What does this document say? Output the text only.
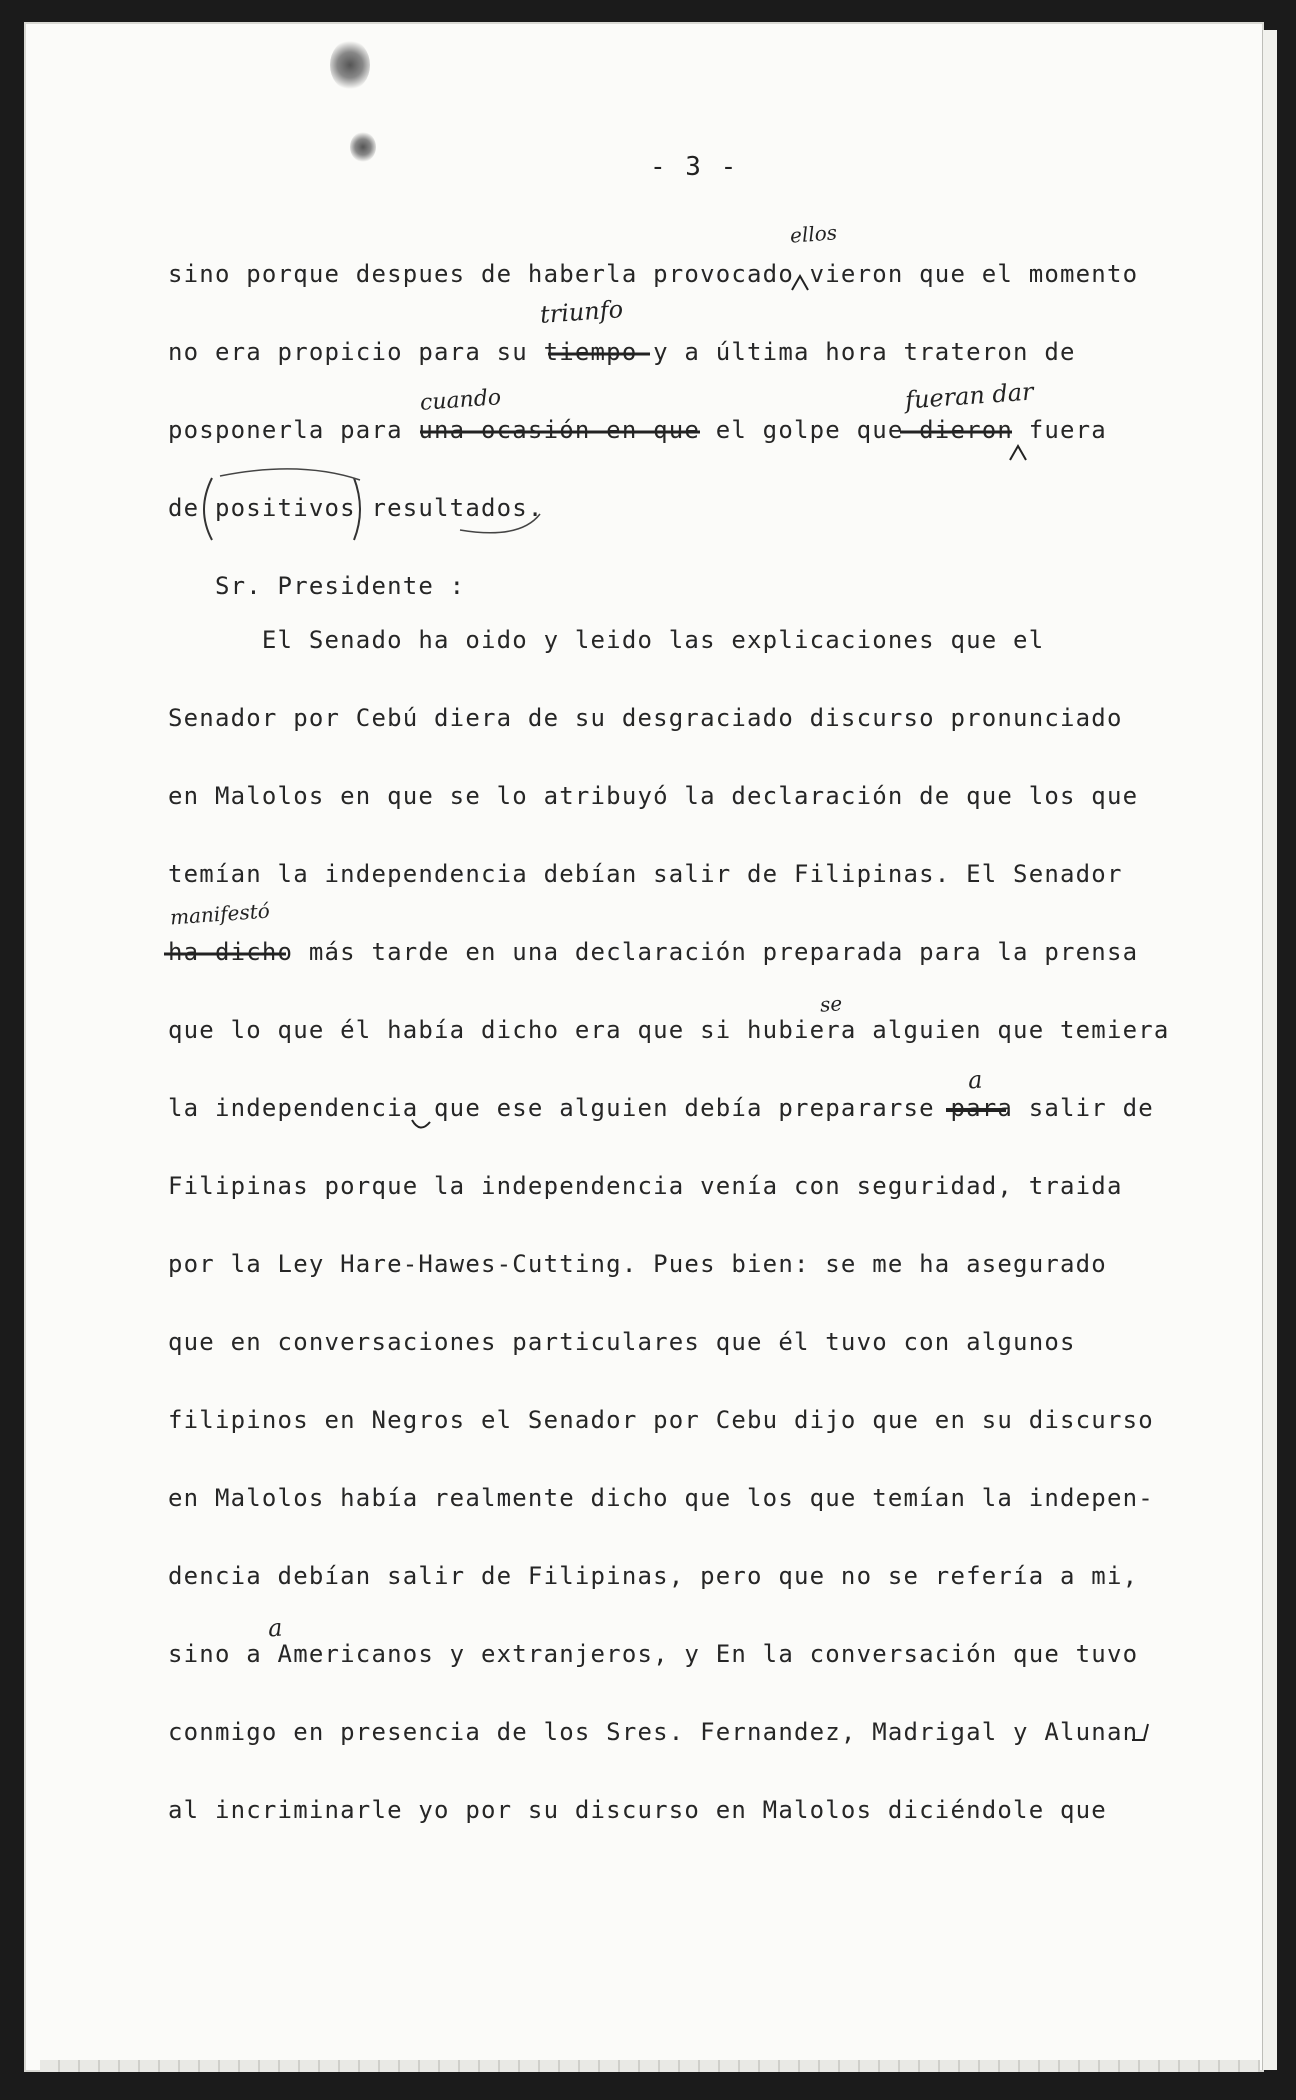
- 3 -
sino porque despues de haberla provocado vieron que el momento
no era propicio para su tiempo y a última hora trateron de
posponerla para una ocasión en que el golpe que dieron fuera
de positivos resultados.
Sr. Presidente :
El Senado ha oido y leido las explicaciones que el
Senador por Cebú diera de su desgraciado discurso pronunciado
en Malolos en que se lo atribuyó la declaración de que los que
temían la independencia debían salir de Filipinas. El Senador
ha dicho más tarde en una declaración preparada para la prensa
que lo que él había dicho era que si hubiera alguien que temiera
la independencia que ese alguien debía prepararse para salir de
Filipinas porque la independencia venía con seguridad, traida
por la Ley Hare-Hawes-Cutting. Pues bien: se me ha asegurado
que en conversaciones particulares que él tuvo con algunos
filipinos en Negros el Senador por Cebu dijo que en su discurso
en Malolos había realmente dicho que los que temían la indepen-
dencia debían salir de Filipinas, pero que no se refería a mi,
sino a Americanos y extranjeros, y En la conversación que tuvo
conmigo en presencia de los Sres. Fernandez, Madrigal y Alunan
al incriminarle yo por su discurso en Malolos diciéndole que
ellos
triunfo
cuando	fueran dar
manifestó
se
a
a
